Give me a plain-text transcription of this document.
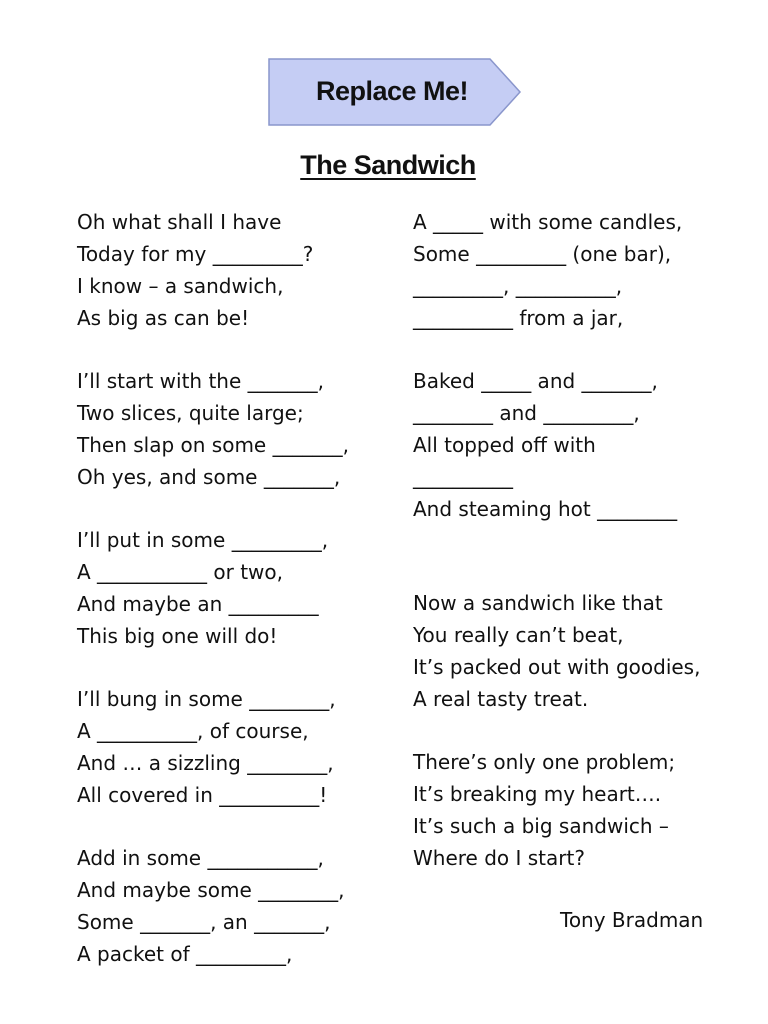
Replace Me!
The Sandwich
Oh what shall I have
Today for my _________?
I know – a sandwich,
As big as can be!
I’ll start with the _______,
Two slices, quite large;
Then slap on some _______,
Oh yes, and some _______,
I’ll put in some _________,
A ___________ or two,
And maybe an _________
This big one will do!
I’ll bung in some ________,
A __________, of course,
And … a sizzling ________,
All covered in __________!
Add in some ___________,
And maybe some ________,
Some _______, an _______,
A packet of _________,
A _____ with some candles,
Some _________ (one bar),
_________, __________,
__________ from a jar,
Baked _____ and _______,
________ and _________,
All topped off with
__________
And steaming hot ________
Now a sandwich like that
You really can’t beat,
It’s packed out with goodies,
A real tasty treat.
There’s only one problem;
It’s breaking my heart….
It’s such a big sandwich –
Where do I start?
Tony Bradman
